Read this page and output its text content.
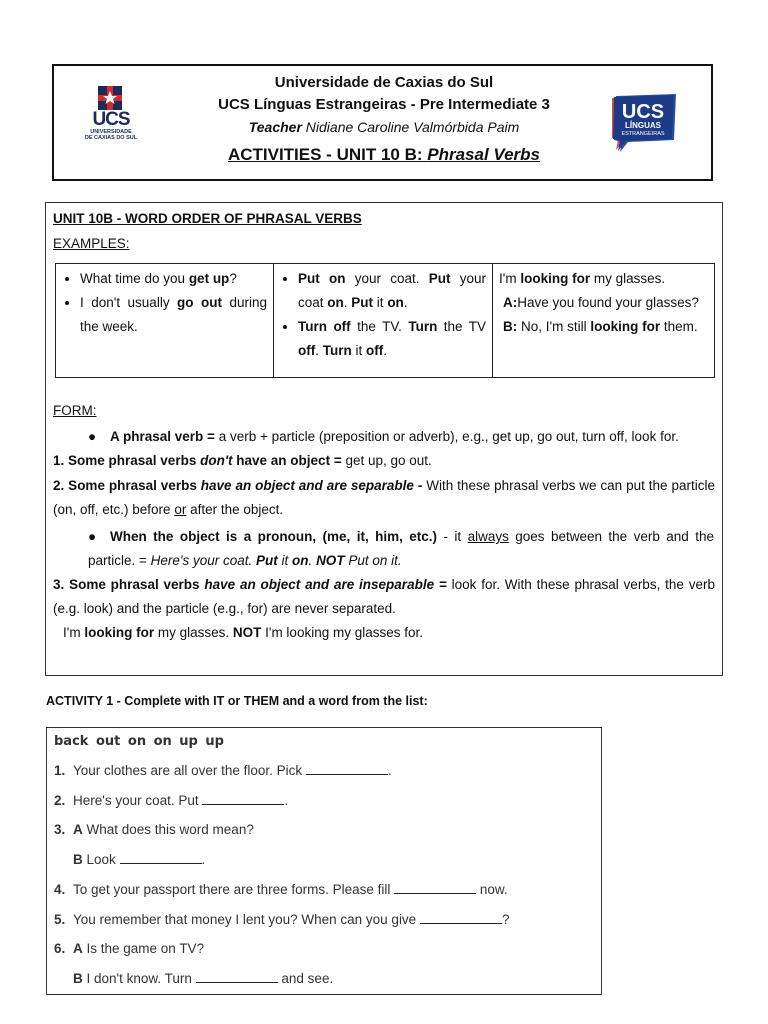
UCS
UNIVERSIDADE
DE CAXIAS DO SUL
Universidade de Caxias do Sul
UCS Línguas Estrangeiras - Pre Intermediate 3
Teacher Nidiane Caroline Valmórbida Paim
ACTIVITIES - UNIT 10 B: Phrasal Verbs
UCS
LÍNGUAS
ESTRANGEIRAS
UNIT 10B - WORD ORDER OF PHRASAL VERBS
EXAMPLES:
• What time do you get up?
• I don't usually go out during the week.

• Put on your coat. Put your coat on. Put it on.
• Turn off the TV. Turn the TV off. Turn it off.

I'm looking for my glasses.
A:Have you found your glasses?
B: No, I'm still looking for them.
FORM:
● A phrasal verb = a verb + particle (preposition or adverb), e.g., get up, go out, turn off, look for.
1. Some phrasal verbs don't have an object = get up, go out.
2. Some phrasal verbs have an object and are separable - With these phrasal verbs we can put the particle (on, off, etc.) before or after the object.
● When the object is a pronoun, (me, it, him, etc.) - it always goes between the verb and the particle. = Here's your coat. Put it on. NOT Put on it.
3. Some phrasal verbs have an object and are inseparable = look for. With these phrasal verbs, the verb (e.g. look) and the particle (e.g., for) are never separated.
I'm looking for my glasses. NOT I'm looking my glasses for.
ACTIVITY 1 - Complete with IT or THEM and a word from the list:
back out on on up up
1. Your clothes are all over the floor. Pick	.
2. Here's your coat. Put	.
3. A What does this word mean?
B Look	.
4. To get your passport there are three forms. Please fill	now.
5. You remember that money I lent you? When can you give	?
6. A Is the game on TV?
B I don't know. Turn	and see.
